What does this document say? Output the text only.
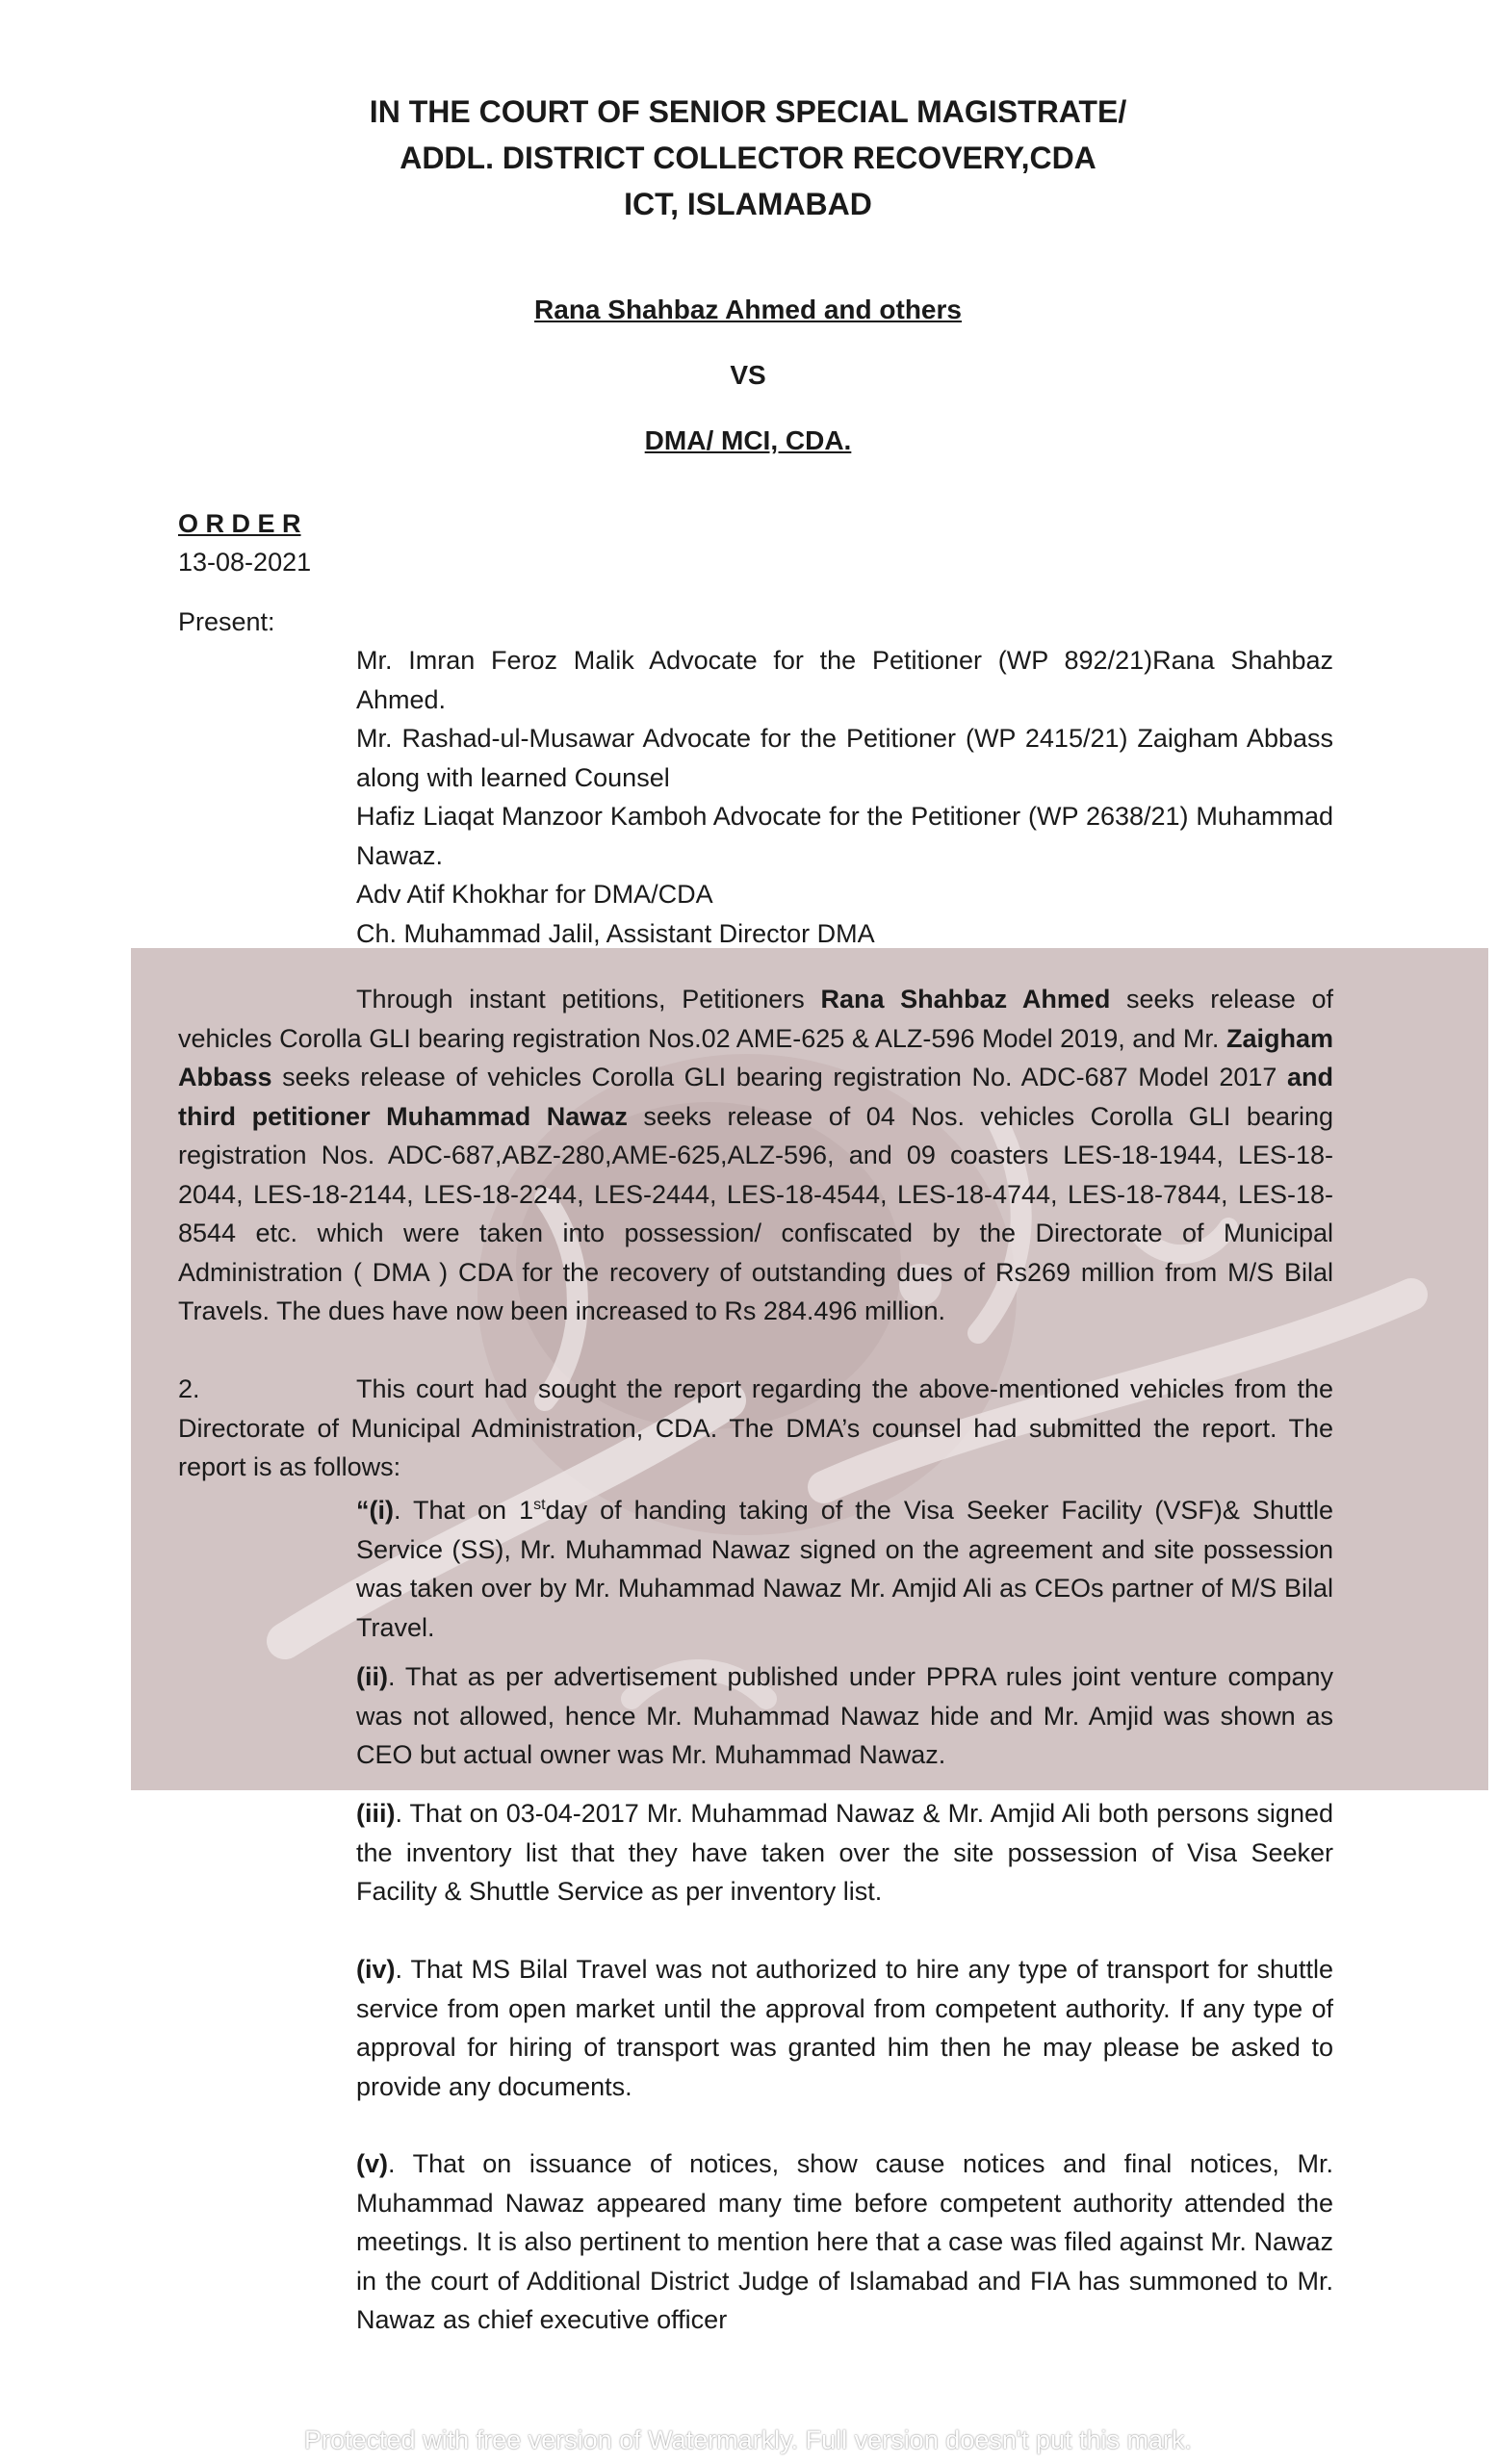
IN THE COURT OF SENIOR SPECIAL MAGISTRATE/
ADDL. DISTRICT COLLECTOR RECOVERY,CDA
ICT, ISLAMABAD
Rana Shahbaz Ahmed and others
VS
DMA/ MCI, CDA.
O R D E R
13-08-2021
Present:
Mr. Imran Feroz Malik Advocate for the Petitioner (WP 892/21)Rana Shahbaz Ahmed.
Mr. Rashad-ul-Musawar Advocate for the Petitioner (WP 2415/21) Zaigham Abbass along with learned Counsel
Hafiz Liaqat Manzoor Kamboh Advocate for the Petitioner (WP 2638/21) Muhammad Nawaz.
Adv Atif Khokhar for DMA/CDA
Ch. Muhammad Jalil, Assistant Director DMA
Through instant petitions, Petitioners Rana Shahbaz Ahmed seeks release of vehicles Corolla GLI bearing registration Nos.02 AME-625 & ALZ-596 Model 2019, and Mr. Zaigham Abbass seeks release of vehicles Corolla GLI bearing registration No. ADC-687 Model 2017 and third petitioner Muhammad Nawaz seeks release of 04 Nos. vehicles Corolla GLI bearing registration Nos. ADC-687,ABZ-280,AME-625,ALZ-596, and 09 coasters LES-18-1944, LES-18-2044, LES-18-2144, LES-18-2244, LES-2444, LES-18-4544, LES-18-4744, LES-18-7844, LES-18-8544 etc. which were taken into possession/ confiscated by the Directorate of Municipal Administration ( DMA ) CDA for the recovery of outstanding dues of Rs269 million from M/S Bilal Travels. The dues have now been increased to Rs 284.496 million.
2.	This court had sought the report regarding the above-mentioned vehicles from the Directorate of Municipal Administration, CDA. The DMA’s counsel had submitted the report. The report is as follows:
“(i). That on 1stday of handing taking of the Visa Seeker Facility (VSF)& Shuttle Service (SS), Mr. Muhammad Nawaz signed on the agreement and site possession was taken over by Mr. Muhammad Nawaz Mr. Amjid Ali as CEOs partner of M/S Bilal Travel.
(ii). That as per advertisement published under PPRA rules joint venture company was not allowed, hence Mr. Muhammad Nawaz hide and Mr. Amjid was shown as CEO but actual owner was Mr. Muhammad Nawaz.
(iii). That on 03-04-2017 Mr. Muhammad Nawaz & Mr. Amjid Ali both persons signed the inventory list that they have taken over the site possession of Visa Seeker Facility & Shuttle Service as per inventory list.
(iv). That MS Bilal Travel was not authorized to hire any type of transport for shuttle service from open market until the approval from competent authority. If any type of approval for hiring of transport was granted him then he may please be asked to provide any documents.
(v). That on issuance of notices, show cause notices and final notices, Mr. Muhammad Nawaz appeared many time before competent authority attended the meetings. It is also pertinent to mention here that a case was filed against Mr. Nawaz in the court of Additional District Judge of Islamabad and FIA has summoned to Mr. Nawaz as chief executive officer
Protected with free version of Watermarkly. Full version doesn't put this mark.
